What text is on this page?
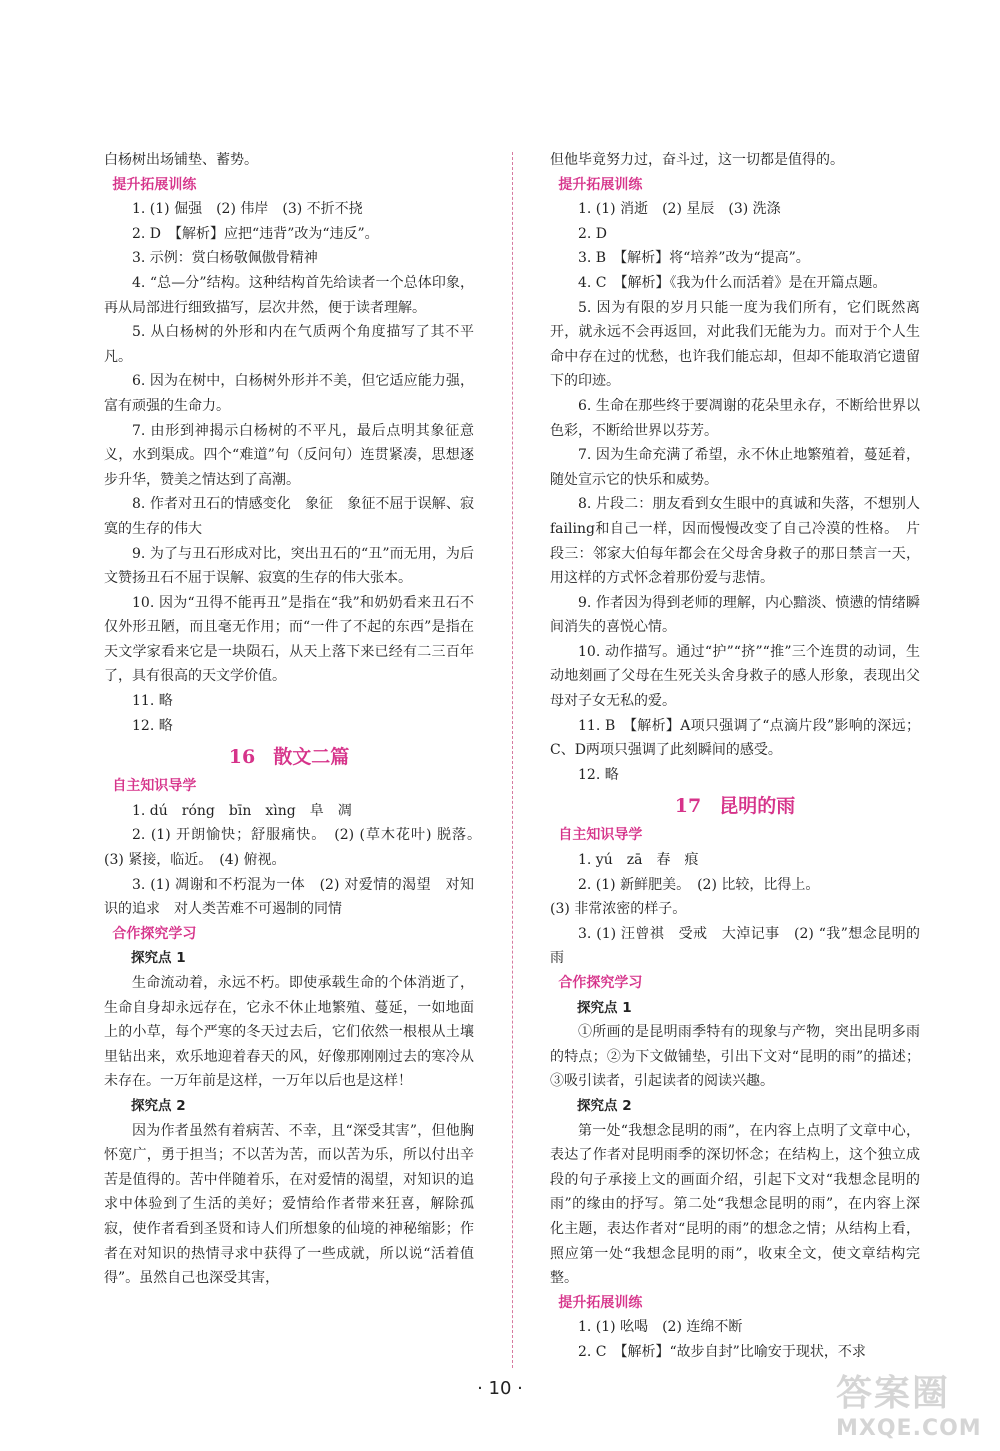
白杨树出场铺垫、蓄势。

提升拓展训练

1. (1) 倔强　(2) 伟岸　(3) 不折不挠

2. D　【解析】应把“违背”改为“违反”。

3. 示例：赏白杨敬佩傲骨精神

4. “总—分”结构。这种结构首先给读者一个总体印象，再从局部进行细致描写，层次井然，便于读者理解。

5. 从白杨树的外形和内在气质两个角度描写了其不平凡。

6. 因为在树中，白杨树外形并不美，但它适应能力强，富有顽强的生命力。

7. 由形到神揭示白杨树的不平凡，最后点明其象征意义，水到渠成。四个“难道”句（反问句）连贯紧凑，思想逐步升华，赞美之情达到了高潮。

8. 作者对丑石的情感变化　象征　象征不屈于误解、寂寞的生存的伟大

9. 为了与丑石形成对比，突出丑石的“丑”而无用，为后文赞扬丑石不屈于误解、寂寞的生存的伟大张本。

10. 因为“丑得不能再丑”是指在“我”和奶奶看来丑石不仅外形丑陋，而且毫无作用；而“一件了不起的东西”是指在天文学家看来它是一块陨石，从天上落下来已经有二三百年了，具有很高的天文学价值。

11. 略

12. 略

16 散文二篇

自主知识导学

1. dú　róng　bīn　xìng　阜　凋

2. (1) 开朗愉快；舒服痛快。　(2) (草木花叶) 脱落。　(3) 紧接，临近。　(4) 俯视。

3. (1) 凋谢和不朽混为一体　(2) 对爱情的渴望　对知识的追求　对人类苦难不可遏制的同情

合作探究学习

探究点 1

生命流动着，永远不朽。即使承载生命的个体消逝了，生命自身却永远存在，它永不休止地繁殖、蔓延，一如地面上的小草，每个严寒的冬天过去后，它们依然一根根从土壤里钻出来，欢乐地迎着春天的风，好像那刚刚过去的寒冷从未存在。一万年前是这样，一万年以后也是这样！

探究点 2

因为作者虽然有着病苦、不幸，且“深受其害”，但他胸怀宽广，勇于担当；不以苦为苦，而以苦为乐，所以付出辛苦是值得的。苦中伴随着乐，在对爱情的渴望，对知识的追求中体验到了生活的美好；爱情给作者带来狂喜，解除孤寂，使作者看到圣贤和诗人们所想象的仙境的神秘缩影；作者在对知识的热情寻求中获得了一些成就，所以说“活着值得”。虽然自己也深受其害，

但他毕竟努力过，奋斗过，这一切都是值得的。

提升拓展训练

1. (1) 消逝　(2) 星辰　(3) 洗涤

2. D

3. B　【解析】将“培养”改为“提高”。

4. C　【解析】《我为什么而活着》是在开篇点题。

5. 因为有限的岁月只能一度为我们所有，它们既然离开，就永远不会再返回，对此我们无能为力。而对于个人生命中存在过的忧愁，也许我们能忘却，但却不能取消它遗留下的印迹。

6. 生命在那些终于要凋谢的花朵里永存，不断给世界以色彩，不断给世界以芬芳。

7. 因为生命充满了希望，永不休止地繁殖着，蔓延着，随处宣示它的快乐和威势。

8. 片段二：朋友看到女生眼中的真诚和失落，不想别人failing和自己一样，因而慢慢改变了自己冷漠的性格。　片段三：邻家大伯每年都会在父母舍身救子的那日禁言一天，用这样的方式怀念着那份爱与悲情。

9. 作者因为得到老师的理解，内心黯淡、愤懑的情绪瞬间消失的喜悦心情。

10. 动作描写。通过“护”“挤”“推”三个连贯的动词，生动地刻画了父母在生死关头舍身救子的感人形象，表现出父母对子女无私的爱。

11. B　【解析】A项只强调了“点滴片段”影响的深远；C、D两项只强调了此刻瞬间的感受。

12. 略

17 昆明的雨

自主知识导学

1. yú　zā　春　痕

2. (1) 新鲜肥美。　(2) 比较，比得上。

(3) 非常浓密的样子。

3. (1) 汪曾祺　受戒　大淖记事　(2) “我”想念昆明的雨

合作探究学习

探究点 1

①所画的是昆明雨季特有的现象与产物，突出昆明多雨的特点；②为下文做铺垫，引出下文对“昆明的雨”的描述；③吸引读者，引起读者的阅读兴趣。

探究点 2

第一处“我想念昆明的雨”，在内容上点明了文章中心，表达了作者对昆明雨季的深切怀念；在结构上，这个独立成段的句子承接上文的画面介绍，引起下文对“我想念昆明的雨”的缘由的抒写。第二处“我想念昆明的雨”，在内容上深化主题，表达作者对“昆明的雨”的想念之情；从结构上看，照应第一处“我想念昆明的雨”，收束全文，使文章结构完整。

提升拓展训练

1. (1) 吆喝　(2) 连绵不断

2. C　【解析】“故步自封”比喻安于现状，不求

· 10 ·	答案圈
MXQE.COM
